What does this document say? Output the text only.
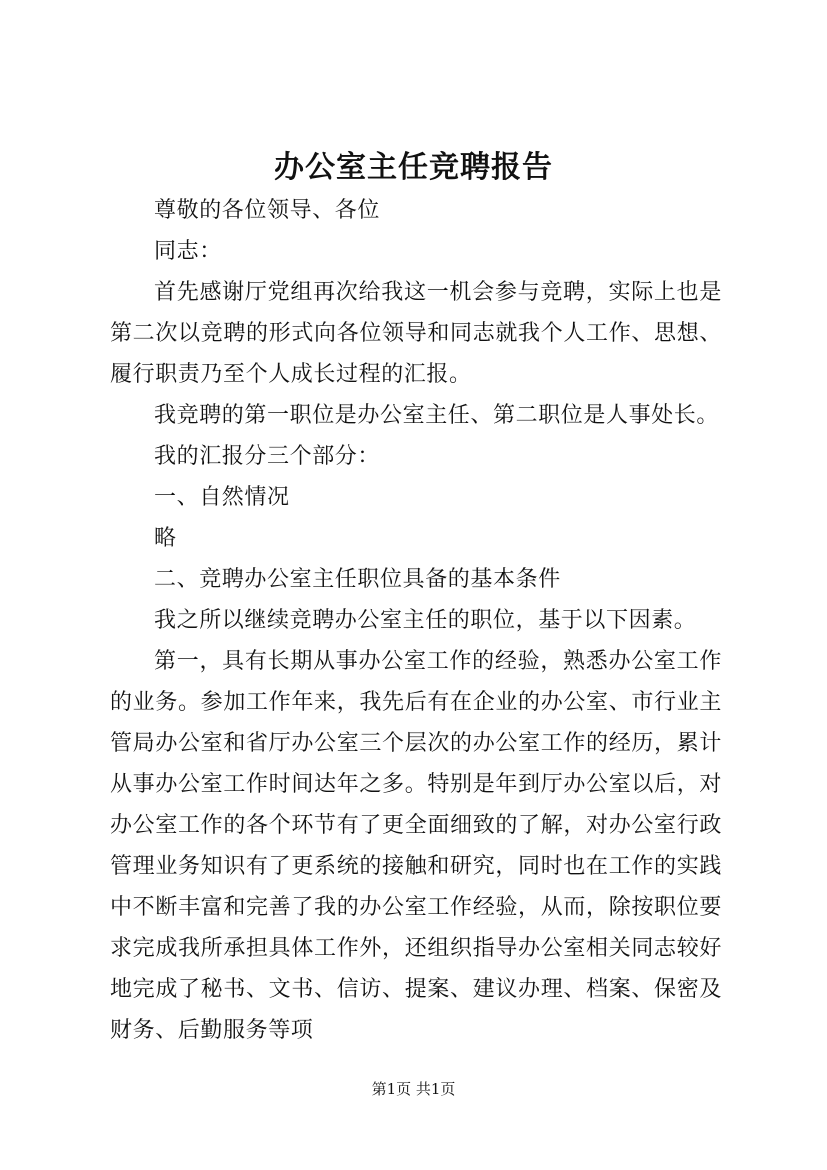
办公室主任竞聘报告

尊敬的各位领导、各位

同志：

首先感谢厅党组再次给我这一机会参与竞聘，实际上也是第二次以竞聘的形式向各位领导和同志就我个人工作、思想、履行职责乃至个人成长过程的汇报。

我竞聘的第一职位是办公室主任、第二职位是人事处长。

我的汇报分三个部分：

一、自然情况

略

二、竞聘办公室主任职位具备的基本条件

我之所以继续竞聘办公室主任的职位，基于以下因素。

第一，具有长期从事办公室工作的经验，熟悉办公室工作的业务。参加工作年来，我先后有在企业的办公室、市行业主管局办公室和省厅办公室三个层次的办公室工作的经历，累计从事办公室工作时间达年之多。特别是年到厅办公室以后，对办公室工作的各个环节有了更全面细致的了解，对办公室行政管理业务知识有了更系统的接触和研究，同时也在工作的实践中不断丰富和完善了我的办公室工作经验，从而，除按职位要求完成我所承担具体工作外，还组织指导办公室相关同志较好地完成了秘书、文书、信访、提案、建议办理、档案、保密及财务、后勤服务等项

第1页 共1页
